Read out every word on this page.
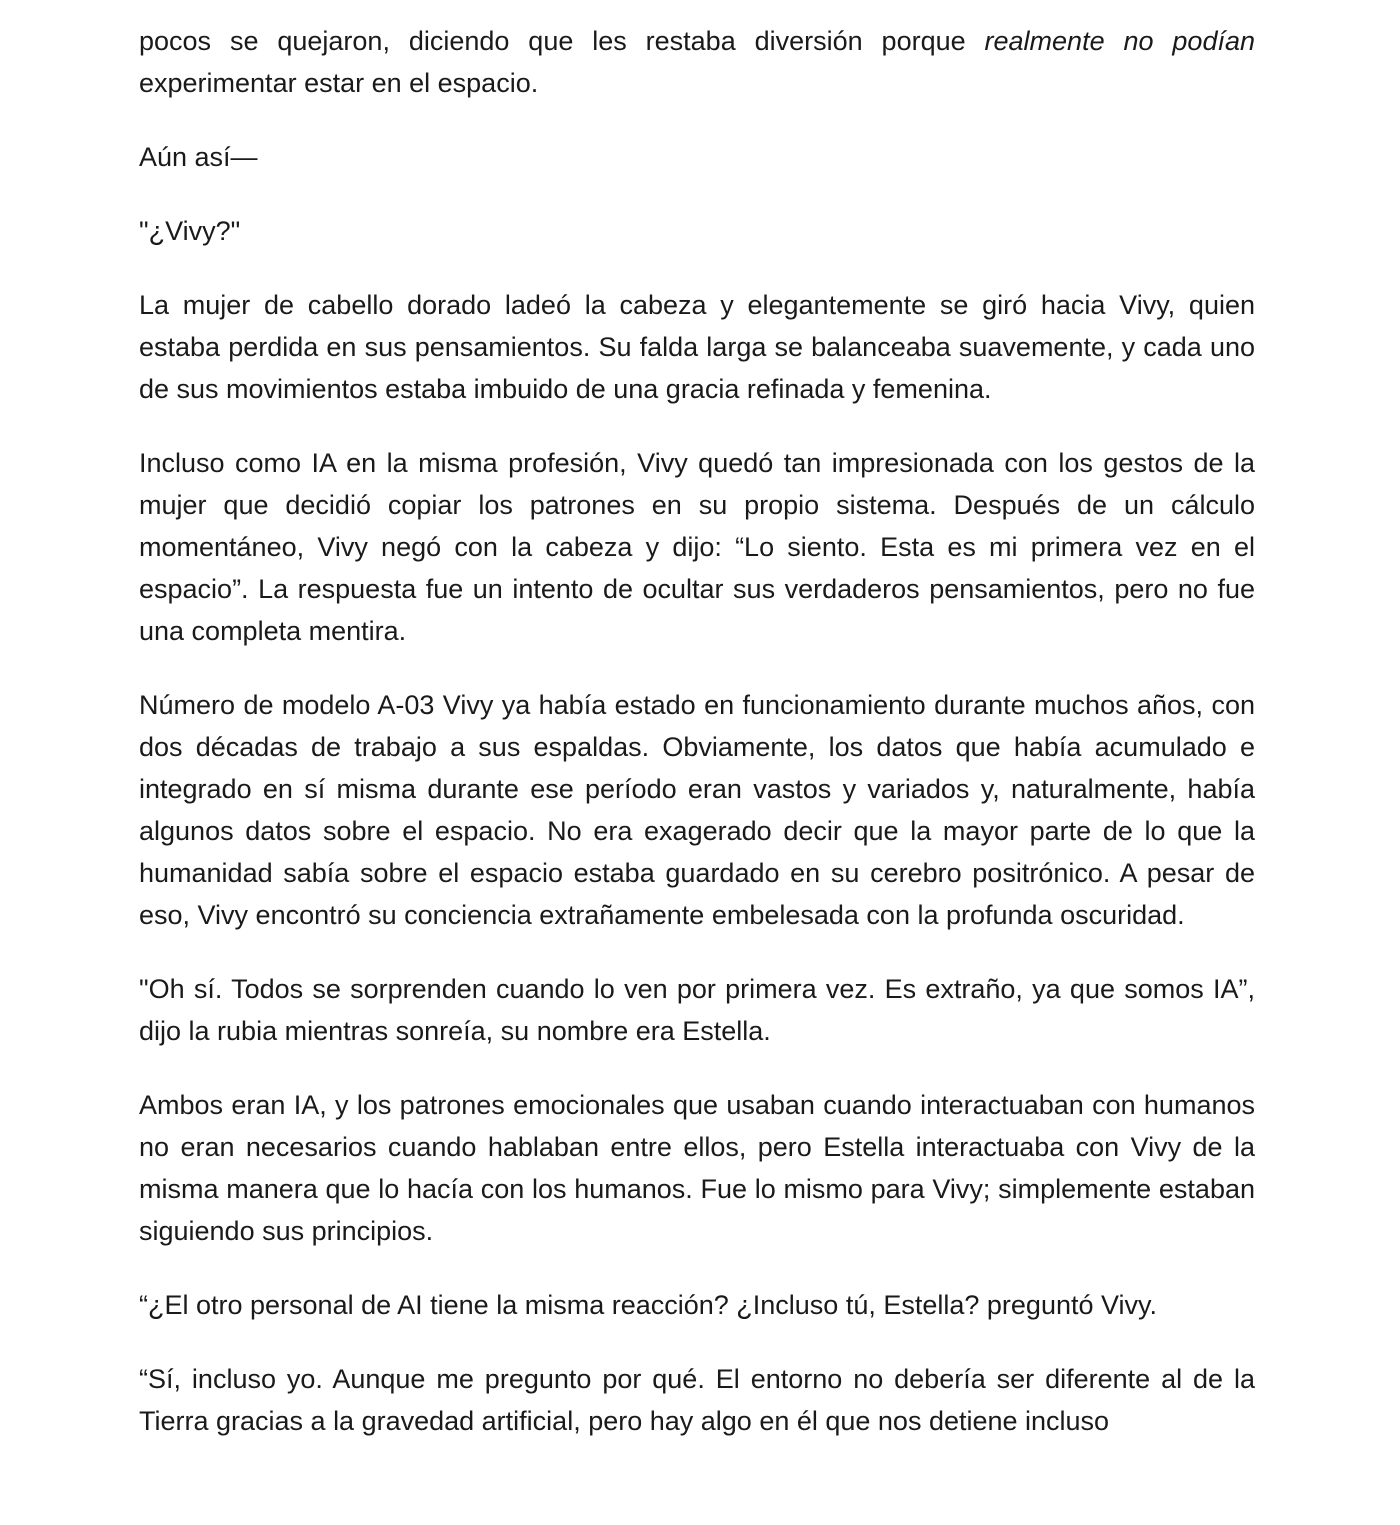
pocos se quejaron, diciendo que les restaba diversión porque realmente no podían experimentar estar en el espacio.

Aún así—

"¿Vivy?"

La mujer de cabello dorado ladeó la cabeza y elegantemente se giró hacia Vivy, quien estaba perdida en sus pensamientos. Su falda larga se balanceaba suavemente, y cada uno de sus movimientos estaba imbuido de una gracia refinada y femenina.

Incluso como IA en la misma profesión, Vivy quedó tan impresionada con los gestos de la mujer que decidió copiar los patrones en su propio sistema. Después de un cálculo momentáneo, Vivy negó con la cabeza y dijo: “Lo siento. Esta es mi primera vez en el espacio”. La respuesta fue un intento de ocultar sus verdaderos pensamientos, pero no fue una completa mentira.

Número de modelo A-03 Vivy ya había estado en funcionamiento durante muchos años, con dos décadas de trabajo a sus espaldas. Obviamente, los datos que había acumulado e integrado en sí misma durante ese período eran vastos y variados y, naturalmente, había algunos datos sobre el espacio. No era exagerado decir que la mayor parte de lo que la humanidad sabía sobre el espacio estaba guardado en su cerebro positrónico. A pesar de eso, Vivy encontró su conciencia extrañamente embelesada con la profunda oscuridad.

"Oh sí. Todos se sorprenden cuando lo ven por primera vez. Es extraño, ya que somos IA”, dijo la rubia mientras sonreía, su nombre era Estella.

Ambos eran IA, y los patrones emocionales que usaban cuando interactuaban con humanos no eran necesarios cuando hablaban entre ellos, pero Estella interactuaba con Vivy de la misma manera que lo hacía con los humanos. Fue lo mismo para Vivy; simplemente estaban siguiendo sus principios.

“¿El otro personal de AI tiene la misma reacción? ¿Incluso tú, Estella? preguntó Vivy.

“Sí, incluso yo. Aunque me pregunto por qué. El entorno no debería ser diferente al de la Tierra gracias a la gravedad artificial, pero hay algo en él que nos detiene incluso
